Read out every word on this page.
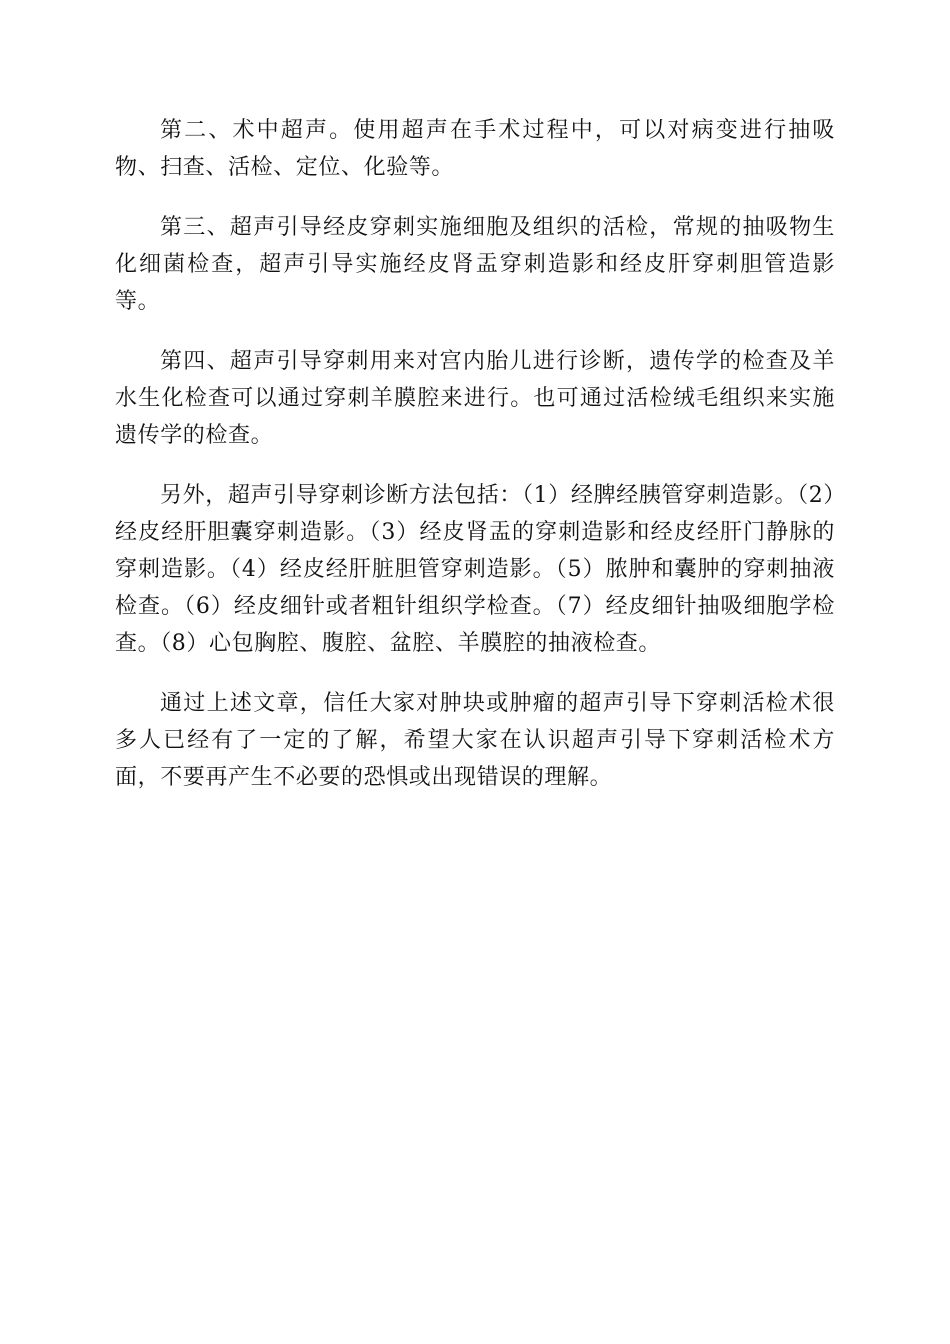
第二、术中超声。使用超声在手术过程中，可以对病变进行抽吸物、扫查、活检、定位、化验等。

第三、超声引导经皮穿刺实施细胞及组织的活检，常规的抽吸物生化细菌检查，超声引导实施经皮肾盂穿刺造影和经皮肝穿刺胆管造影等。

第四、超声引导穿刺用来对宫内胎儿进行诊断，遗传学的检查及羊水生化检查可以通过穿刺羊膜腔来进行。也可通过活检绒毛组织来实施遗传学的检查。

另外，超声引导穿刺诊断方法包括：（1）经脾经胰管穿刺造影。（2）经皮经肝胆囊穿刺造影。（3）经皮肾盂的穿刺造影和经皮经肝门静脉的穿刺造影。（4）经皮经肝脏胆管穿刺造影。（5）脓肿和囊肿的穿刺抽液检查。（6）经皮细针或者粗针组织学检查。（7）经皮细针抽吸细胞学检查。（8）心包胸腔、腹腔、盆腔、羊膜腔的抽液检查。

通过上述文章，信任大家对肿块或肿瘤的超声引导下穿刺活检术很多人已经有了一定的了解，希望大家在认识超声引导下穿刺活检术方面，不要再产生不必要的恐惧或出现错误的理解。
